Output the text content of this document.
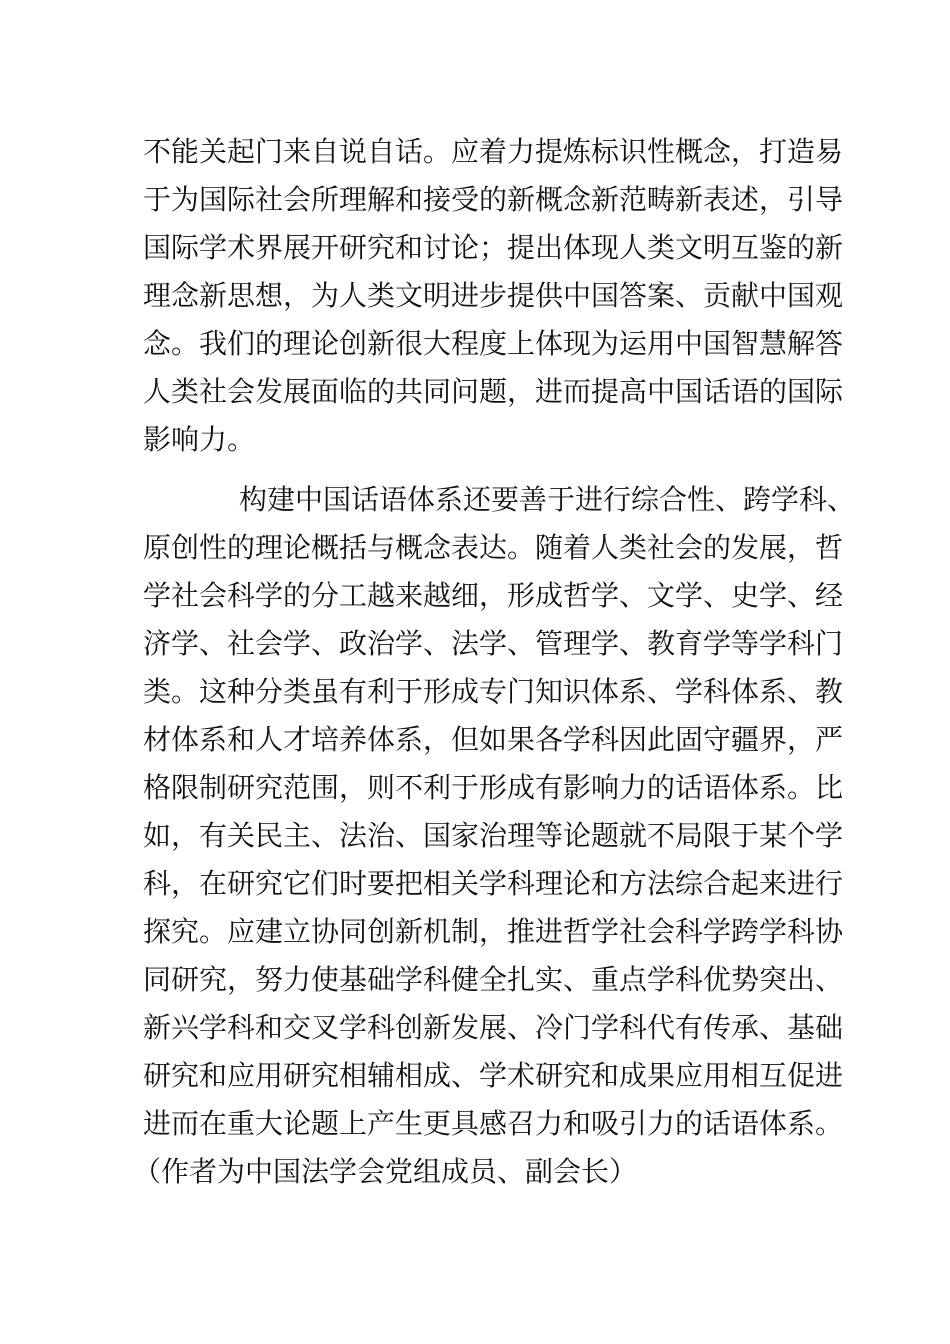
不能关起门来自说自话。应着力提炼标识性概念，打造易
于为国际社会所理解和接受的新概念新范畴新表述，引导
国际学术界展开研究和讨论；提出体现人类文明互鉴的新
理念新思想，为人类文明进步提供中国答案、贡献中国观
念。我们的理论创新很大程度上体现为运用中国智慧解答
人类社会发展面临的共同问题，进而提高中国话语的国际
影响力。
构建中国话语体系还要善于进行综合性、跨学科、
原创性的理论概括与概念表达。随着人类社会的发展，哲
学社会科学的分工越来越细，形成哲学、文学、史学、经
济学、社会学、政治学、法学、管理学、教育学等学科门
类。这种分类虽有利于形成专门知识体系、学科体系、教
材体系和人才培养体系，但如果各学科因此固守疆界，严
格限制研究范围，则不利于形成有影响力的话语体系。比
如，有关民主、法治、国家治理等论题就不局限于某个学
科，在研究它们时要把相关学科理论和方法综合起来进行
探究。应建立协同创新机制，推进哲学社会科学跨学科协
同研究，努力使基础学科健全扎实、重点学科优势突出、
新兴学科和交叉学科创新发展、冷门学科代有传承、基础
研究和应用研究相辅相成、学术研究和成果应用相互促进
进而在重大论题上产生更具感召力和吸引力的话语体系。
（作者为中国法学会党组成员、副会长）
